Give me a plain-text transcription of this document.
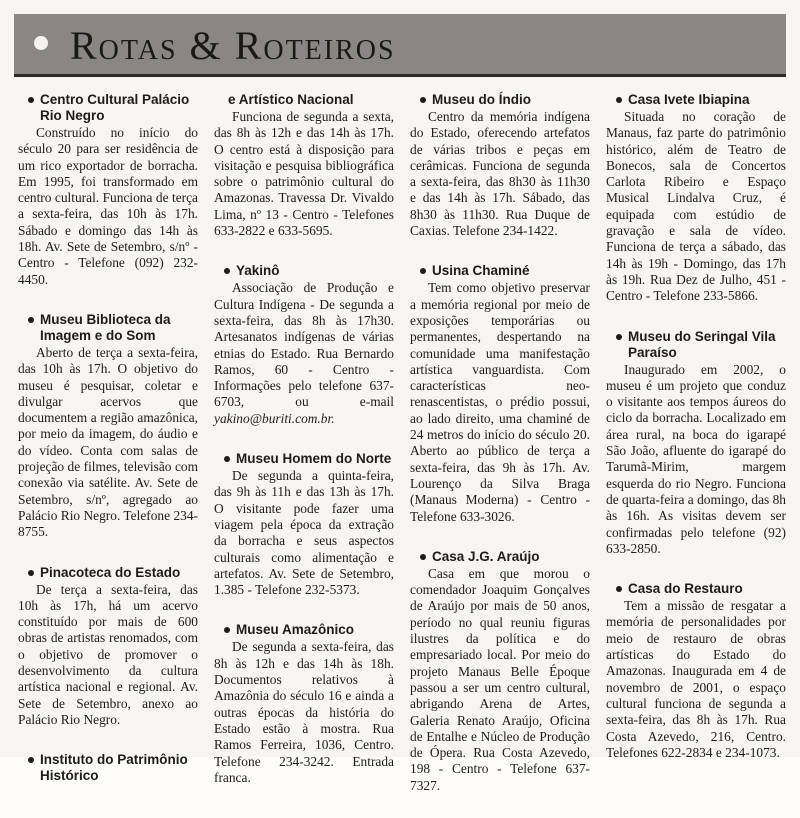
Rotas & Roteiros
Centro Cultural Palácio Rio Negro
Construído no início do século 20 para ser residência de um rico exportador de borracha. Em 1995, foi transformado em centro cultural. Funciona de terça a sexta-feira, das 10h às 17h. Sábado e domingo das 14h às 18h. Av. Sete de Setembro, s/nº - Centro - Telefone (092) 232-4450.
Museu Biblioteca da Imagem e do Som
Aberto de terça a sexta-feira, das 10h às 17h. O objetivo do museu é pesquisar, coletar e divulgar acervos que documentem a região amazônica, por meio da imagem, do áudio e do vídeo. Conta com salas de projeção de filmes, televisão com conexão via satélite. Av. Sete de Setembro, s/nº, agregado ao Palácio Rio Negro. Telefone 234-8755.
Pinacoteca do Estado
De terça a sexta-feira, das 10h às 17h, há um acervo constituído por mais de 600 obras de artistas renomados, com o objetivo de promover o desenvolvimento da cultura artística nacional e regional. Av. Sete de Setembro, anexo ao Palácio Rio Negro.
Instituto do Patrimônio Histórico
e Artístico Nacional
Funciona de segunda a sexta, das 8h às 12h e das 14h às 17h. O centro está à disposição para visitação e pesquisa bibliográfica sobre o patrimônio cultural do Amazonas. Travessa Dr. Vivaldo Lima, nº 13 - Centro - Telefones 633-2822 e 633-5695.
Yakinô
Associação de Produção e Cultura Indígena - De segunda a sexta-feira, das 8h às 17h30. Artesanatos indígenas de várias etnias do Estado. Rua Bernardo Ramos, 60 - Centro - Informações pelo telefone 637-6703, ou e-mail yakino@buriti.com.br.
Museu Homem do Norte
De segunda a quinta-feira, das 9h às 11h e das 13h às 17h. O visitante pode fazer uma viagem pela época da extração da borracha e seus aspectos culturais como alimentação e artefatos. Av. Sete de Setembro, 1.385 - Telefone 232-5373.
Museu Amazônico
De segunda a sexta-feira, das 8h às 12h e das 14h às 18h. Documentos relativos à Amazônia do século 16 e ainda a outras épocas da história do Estado estão à mostra. Rua Ramos Ferreira, 1036, Centro. Telefone 234-3242. Entrada franca.
Museu do Índio
Centro da memória indígena do Estado, oferecendo artefatos de várias tribos e peças em cerâmicas. Funciona de segunda a sexta-feira, das 8h30 às 11h30 e das 14h às 17h. Sábado, das 8h30 às 11h30. Rua Duque de Caxias. Telefone 234-1422.
Usina Chaminé
Tem como objetivo preservar a memória regional por meio de exposições temporárias ou permanentes, despertando na comunidade uma manifestação artística vanguardista. Com características neo-renascentistas, o prédio possui, ao lado direito, uma chaminé de 24 metros do início do século 20. Aberto ao público de terça a sexta-feira, das 9h às 17h. Av. Lourenço da Silva Braga (Manaus Moderna) - Centro - Telefone 633-3026.
Casa J.G. Araújo
Casa em que morou o comendador Joaquim Gonçalves de Araújo por mais de 50 anos, período no qual reuniu figuras ilustres da política e do empresariado local. Por meio do projeto Manaus Belle Époque passou a ser um centro cultural, abrigando Arena de Artes, Galeria Renato Araújo, Oficina de Entalhe e Núcleo de Produção de Ópera. Rua Costa Azevedo, 198 - Centro - Telefone 637-7327.
Casa Ivete Ibiapina
Situada no coração de Manaus, faz parte do patrimônio histórico, além de Teatro de Bonecos, sala de Concertos Carlota Ribeiro e Espaço Musical Lindalva Cruz, é equipada com estúdio de gravação e sala de vídeo. Funciona de terça a sábado, das 14h às 19h - Domingo, das 17h às 19h. Rua Dez de Julho, 451 - Centro - Telefone 233-5866.
Museu do Seringal Vila Paraíso
Inaugurado em 2002, o museu é um projeto que conduz o visitante aos tempos áureos do ciclo da borracha. Localizado em área rural, na boca do igarapé São João, afluente do igarapé do Tarumã-Mirim, margem esquerda do rio Negro. Funciona de quarta-feira a domingo, das 8h às 16h. As visitas devem ser confirmadas pelo telefone (92) 633-2850.
Casa do Restauro
Tem a missão de resgatar a memória de personalidades por meio de restauro de obras artísticas do Estado do Amazonas. Inaugurada em 4 de novembro de 2001, o espaço cultural funciona de segunda a sexta-feira, das 8h às 17h. Rua Costa Azevedo, 216, Centro. Telefones 622-2834 e 234-1073.
